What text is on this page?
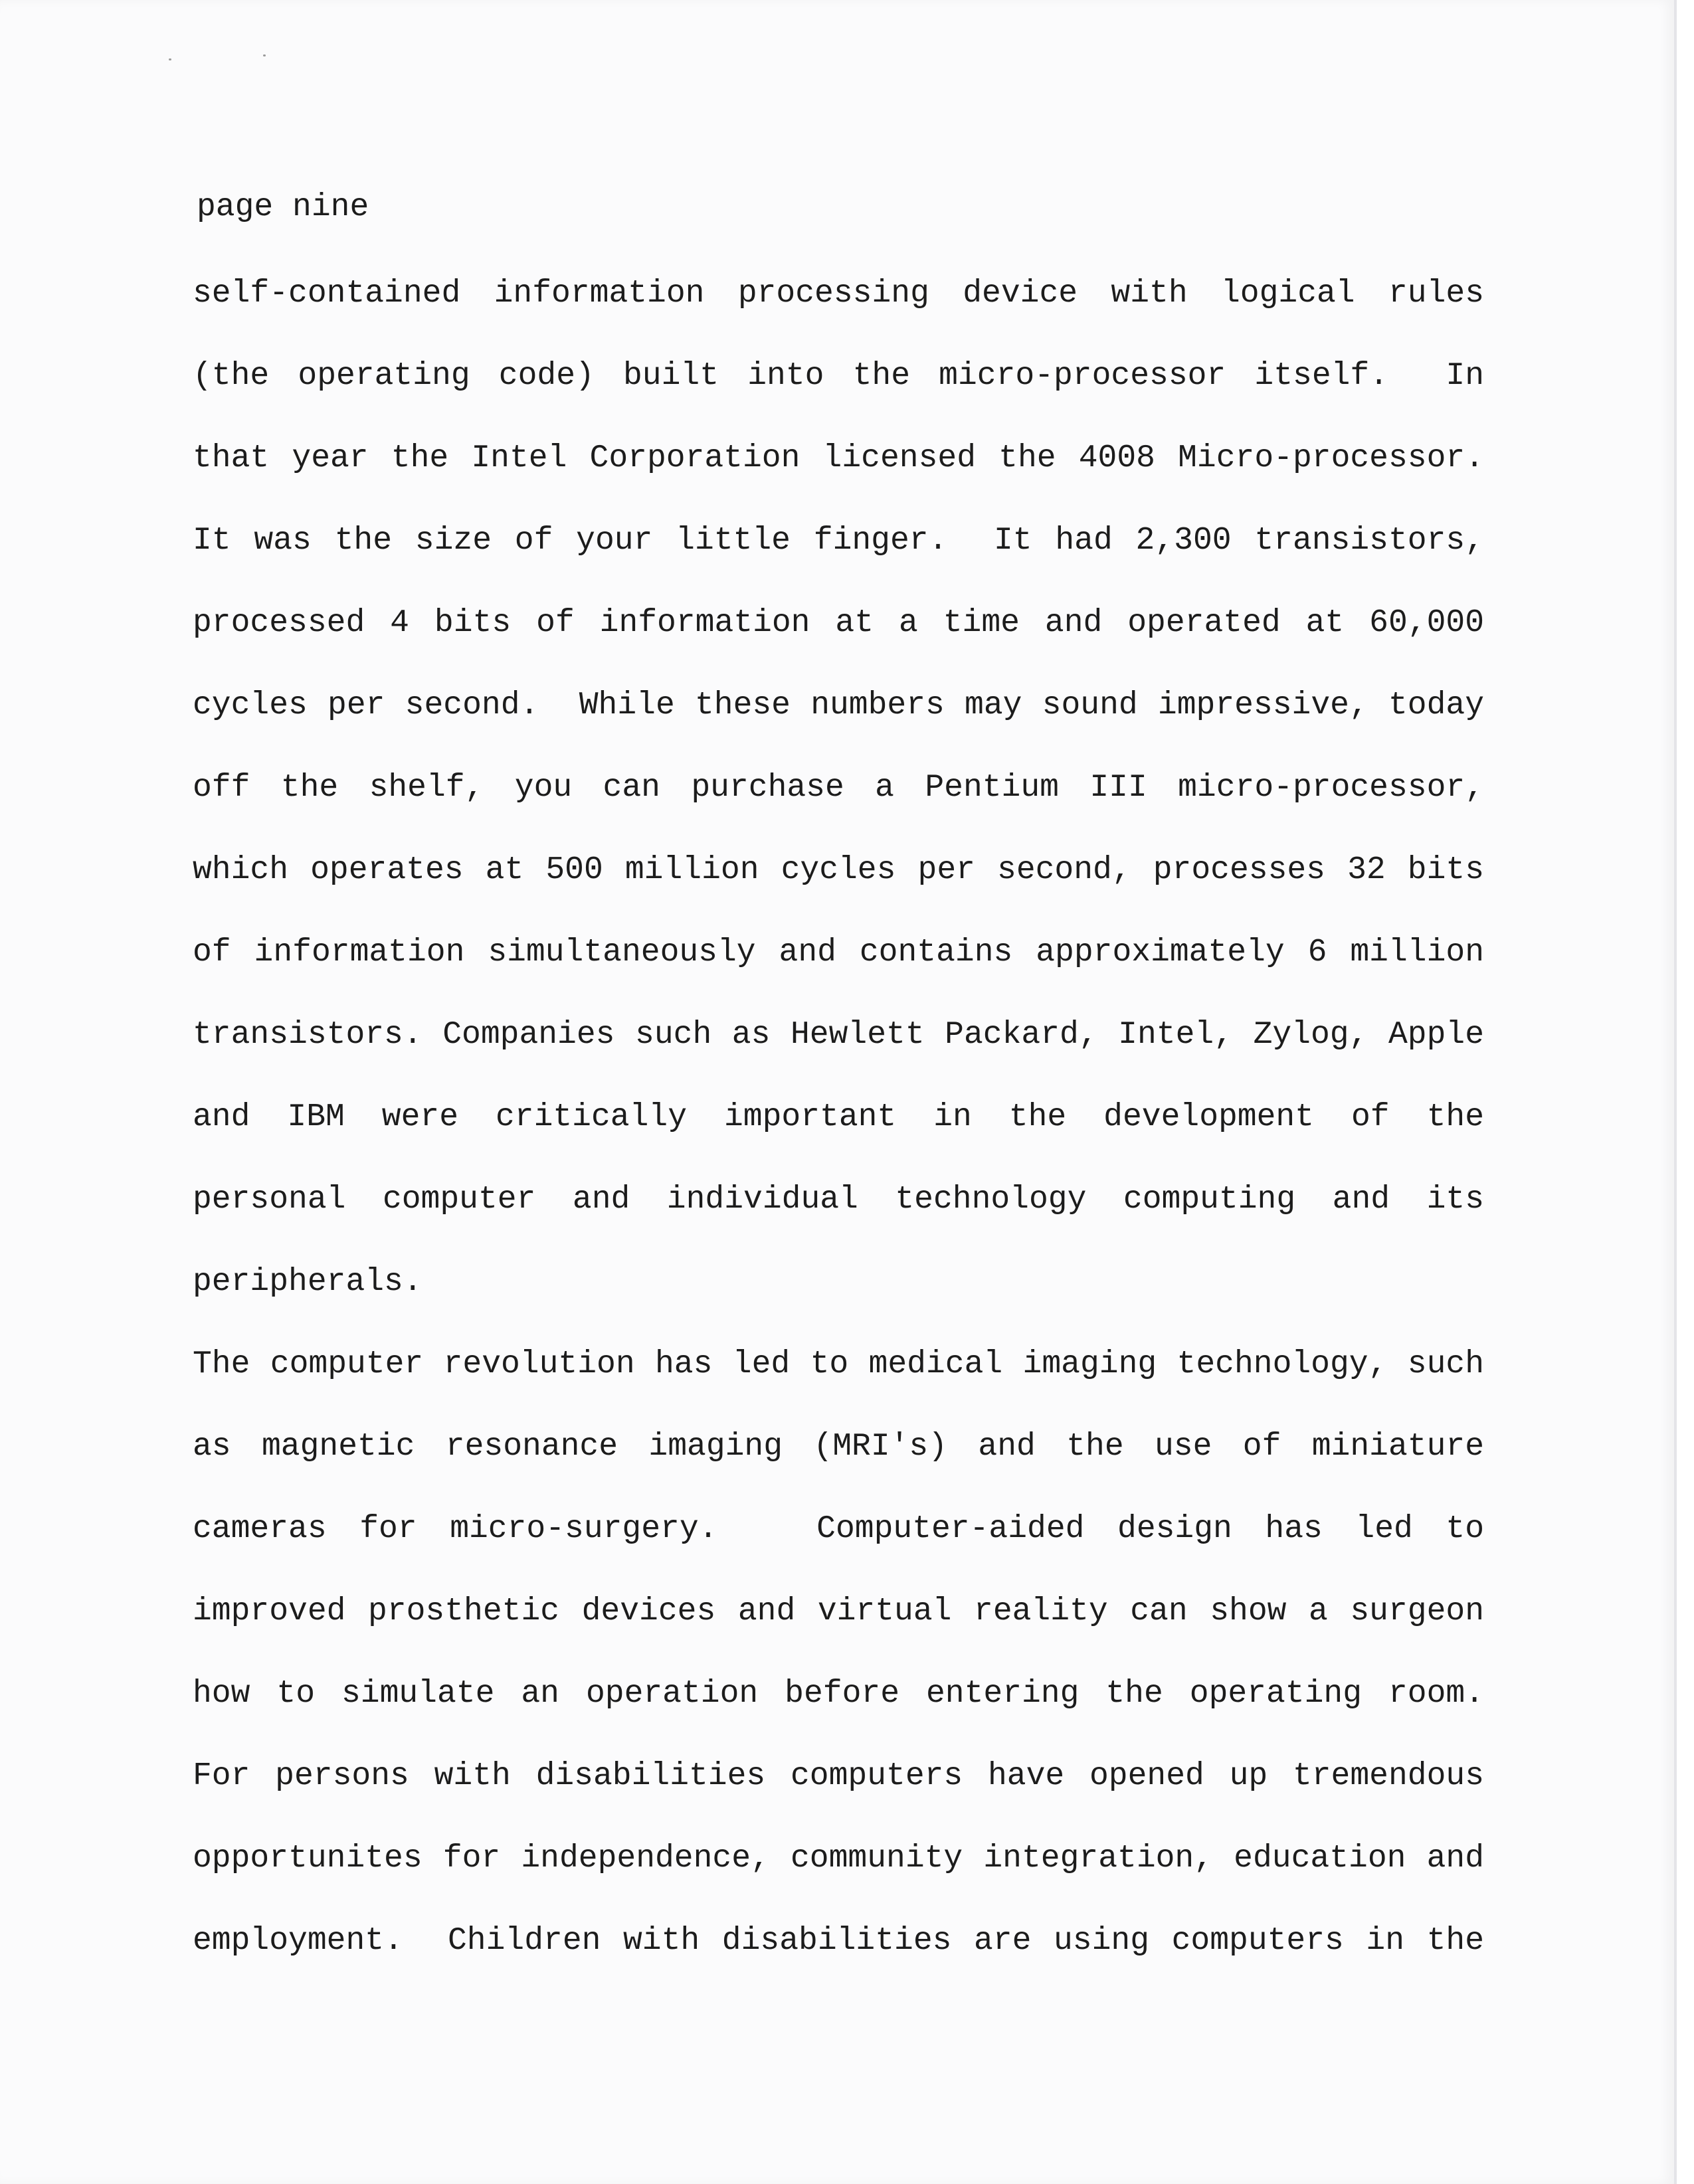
page nine
self-contained information processing device with logical rules
(the operating code) built into the micro-processor itself.  In
that year the Intel Corporation licensed the 4008 Micro-processor.
It was the size of your little finger.  It had 2,300 transistors,
processed 4 bits of information at a time and operated at 60,000
cycles per second.  While these numbers may sound impressive, today
off the shelf, you can purchase a Pentium III micro-processor,
which operates at 500 million cycles per second, processes 32 bits
of information simultaneously and contains approximately 6 million
transistors. Companies such as Hewlett Packard, Intel, Zylog, Apple
and IBM were critically important in the development of the
personal computer and individual technology computing and its
peripherals.
The computer revolution has led to medical imaging technology, such
as magnetic resonance imaging (MRI's) and the use of miniature
cameras for micro-surgery.   Computer-aided design has led to
improved prosthetic devices and virtual reality can show a surgeon
how to simulate an operation before entering the operating room.
For persons with disabilities computers have opened up tremendous
opportunites for independence, community integration, education and
employment.  Children with disabilities are using computers in the
